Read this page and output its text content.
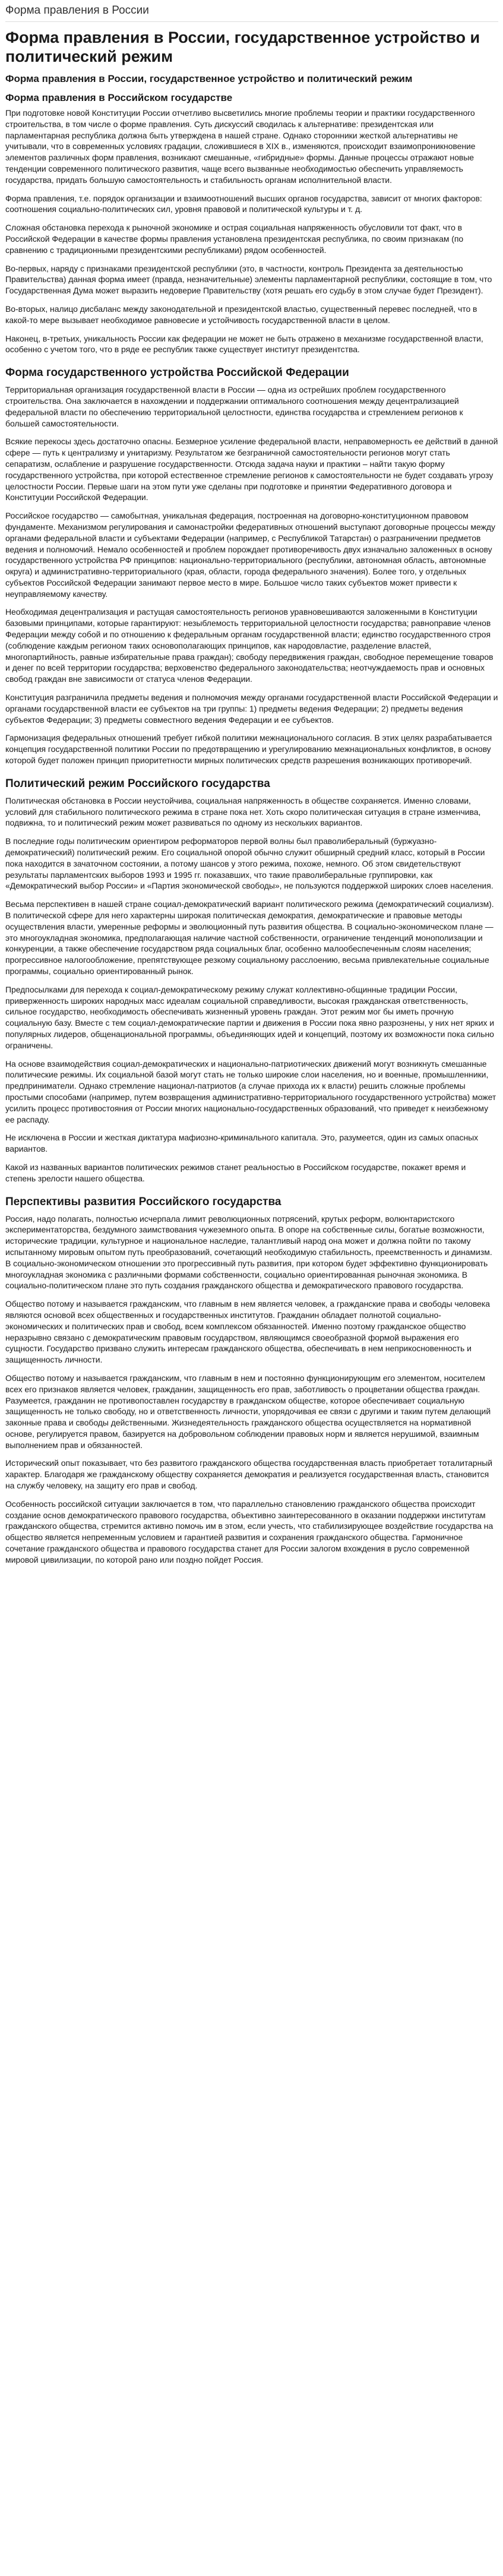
Форма правления в России
Форма правления в России, государственное устройство и политический режим
Форма правления в России, государственное устройство и политический режим
Форма правления в Российском государстве

При подготовке новой Конституции России отчетливо высветились многие проблемы теории и практики государственного строительства, в том числе о форме правления. Суть дискуссий сводилась к альтернативе: президентская или парламентарная республика должна быть утверждена в нашей стране. Однако сторонники жесткой альтернативы не учитывали, что в современных условиях градации, сложившиеся в XIX в., изменяются, происходит взаимопроникновение элементов различных форм правления, возникают смешанные, «гибридные» формы. Данные процессы отражают новые тенденции современного политического развития, чаще всего вызванные необходимостью обеспечить управляемость государства, придать большую самостоятельность и стабильность органам исполнительной власти.

Форма правления, т.е. порядок организации и взаимоотношений высших органов государства, зависит от многих факторов: соотношения социально-политических сил, уровня правовой и политической культуры и т. д.

Сложная обстановка перехода к рыночной экономике и острая социальная напряженность обусловили тот факт, что в Российской Федерации в качестве формы правления установлена президентская республика, по своим признакам (по сравнению с традиционными президентскими республиками) рядом особенностей.

Во-первых, наряду с признаками президентской республики (это, в частности, контроль Президента за деятельностью Правительства) данная форма имеет (правда, незначительные) элементы парламентарной республики, состоящие в том, что Государственная Дума может выразить недоверие Правительству (хотя решать его судьбу в этом случае будет Президент).

Во-вторых, налицо дисбаланс между законодательной и президентской властью, существенный перевес последней, что в какой-то мере вызывает необходимое равновесие и устойчивость государственной власти в целом.

Наконец, в-третьих, уникальность России как федерации не может не быть отражено в механизме государственной власти, особенно с учетом того, что в ряде ее республик также существует институт президентства.

Форма государственного устройства Российской Федерации

Территориальная организация государственной власти в России — одна из острейших проблем государственного строительства. Она заключается в нахождении и поддержании оптимального соотношения между децентрализацией федеральной власти по обеспечению территориальной целостности, единства государства и стремлением регионов к большей самостоятельности.

Всякие перекосы здесь достаточно опасны. Безмерное усиление федеральной власти, неправомерность ее действий в данной сфере — путь к централизму и унитаризму. Результатом же безграничной самостоятельности регионов могут стать сепаратизм, ослабление и разрушение государственности. Отсюда задача науки и практики – найти такую форму государственного устройства, при которой естественное стремление регионов к самостоятельности не будет создавать угрозу целостности России. Первые шаги на этом пути уже сделаны при подготовке и принятии Федеративного договора и Конституции Российской Федерации.

Российское государство — самобытная, уникальная федерация, построенная на договорно-конституционном правовом фундаменте. Механизмом регулирования и самонастройки федеративных отношений выступают договорные процессы между органами федеральной власти и субъектами Федерации (например, с Республикой Татарстан) о разграничении предметов ведения и полномочий. Немало особенностей и проблем порождает противоречивость двух изначально заложенных в основу государственного устройства РФ принципов: национально-территориального (республики, автономная область, автономные округа) и административно-территориального (края, области, города федерального значения). Более того, у отдельных субъектов Российской Федерации занимают первое место в мире. Большое число таких субъектов может привести к неуправляемому качеству.

Необходимая децентрализация и растущая самостоятельность регионов уравновешиваются заложенными в Конституции базовыми принципами, которые гарантируют: незыблемость территориальной целостности государства; равноправие членов Федерации между собой и по отношению к федеральным органам государственной власти; единство государственного строя (соблюдение каждым регионом таких основополагающих принципов, как народовластие, разделение властей, многопартийность, равные избирательные права граждан); свободу передвижения граждан, свободное перемещение товаров и денег по всей территории государства; верховенство федерального законодательства; неотчуждаемость прав и основных свобод граждан вне зависимости от статуса членов Федерации.

Конституция разграничила предметы ведения и полномочия между органами государственной власти Российской Федерации и органами государственной власти ее субъектов на три группы: 1) предметы ведения Федерации; 2) предметы ведения субъектов Федерации; 3) предметы совместного ведения Федерации и ее субъектов.

Гармонизация федеральных отношений требует гибкой политики межнационального согласия. В этих целях разрабатывается концепция государственной политики России по предотвращению и урегулированию межнациональных конфликтов, в основу которой будет положен принцип приоритетности мирных политических средств разрешения возникающих противоречий.

Политический режим Российского государства

Политическая обстановка в России неустойчива, социальная напряженность в обществе сохраняется. Именно словами, условий для стабильного политического режима в стране пока нет. Хоть скоро политическая ситуация в стране изменчива, подвижна, то и политический режим может развиваться по одному из нескольких вариантов.

В последние годы политическим ориентиром реформаторов первой волны был праволиберальный (буржуазно-демократический) политический режим. Его социальной опорой обычно служит обширный средний класс, который в России пока находится в зачаточном состоянии, а потому шансов у этого режима, похоже, немного. Об этом свидетельствуют результаты парламентских выборов 1993 и 1995 гг. показавших, что такие праволиберальные группировки, как «Демократический выбор России» и «Партия экономической свободы», не пользуются поддержкой широких слоев населения.

Весьма перспективен в нашей стране социал-демократический вариант политического режима (демократический социализм). В политической сфере для него характерны широкая политическая демократия, демократические и правовые методы осуществления власти, умеренные реформы и эволюционный путь развития общества. В социально-экономическом плане — это многоукладная экономика, предполагающая наличие частной собственности, ограничение тенденций монополизации и конкуренции, а также обеспечение государством ряда социальных благ, особенно малообеспеченным слоям населения; прогрессивное налогообложение, препятствующее резкому социальному расслоению, весьма привлекательные социальные программы, социально ориентированный рынок.

Предпосылками для перехода к социал-демократическому режиму служат коллективно-общинные традиции России, приверженность широких народных масс идеалам социальной справедливости, высокая гражданская ответственность, сильное государство, необходимость обеспечивать жизненный уровень граждан. Этот режим мог бы иметь прочную социальную базу. Вместе с тем социал-демократические партии и движения в России пока явно разрознены, у них нет ярких и популярных лидеров, общенациональной программы, объединяющих идей и концепций, поэтому их возможности пока сильно ограничены.

На основе взаимодействия социал-демократических и национально-патриотических движений могут возникнуть смешанные политические режимы. Их социальной базой могут стать не только широкие слои населения, но и военные, промышленники, предприниматели. Однако стремление национал-патриотов (а случае прихода их к власти) решить сложные проблемы простыми способами (например, путем возвращения административно-территориального государственного устройства) может усилить процесс противостояния от России многих национально-государственных образований, что приведет к неизбежному ее распаду.

Не исключена в России и жесткая диктатура мафиозно-криминального капитала. Это, разумеется, один из самых опасных вариантов.

Какой из названных вариантов политических режимов станет реальностью в Российском государстве, покажет время и степень зрелости нашего общества.

Перспективы развития Российского государства

Россия, надо полагать, полностью исчерпала лимит революционных потрясений, крутых реформ, волюнтаристского экспериментаторства, бездумного заимствования чужеземного опыта. В опоре на собственные силы, богатые возможности, исторические традиции, культурное и национальное наследие, талантливый народ она может и должна пойти по такому испытанному мировым опытом путь преобразований, сочетающий необходимую стабильность, преемственность и динамизм. В социально-экономическом отношении это прогрессивный путь развития, при котором будет эффективно функционировать многоукладная экономика с различными формами собственности, социально ориентированная рыночная экономика. В социально-политическом плане это путь создания гражданского общества и демократического правового государства.

Общество потому и называется гражданским, что главным в нем является человек, а гражданские права и свободы человека являются основой всех общественных и государственных институтов. Гражданин обладает полнотой социально-экономических и политических прав и свобод, всем комплексом обязанностей. Именно поэтому гражданское общество неразрывно связано с демократическим правовым государством, являющимся своеобразной формой выражения его сущности. Государство призвано служить интересам гражданского общества, обеспечивать в нем неприкосновенность и защищенность личности.

Общество потому и называется гражданским, что главным в нем и постоянно функционирующим его элементом, носителем всех его признаков является человек, гражданин, защищенность его прав, заботливость о процветании общества граждан. Разумеется, гражданин не противопоставлен государству в гражданском обществе, которое обеспечивает социальную защищенность не только свободу, но и ответственность личности, упорядочивая ее связи с другими и таким путем делающий законные права и свободы действенными. Жизнедеятельность гражданского общества осуществляется на нормативной основе, регулируется правом, базируется на добровольном соблюдении правовых норм и является нерушимой, взаимным выполнением прав и обязанностей.

Исторический опыт показывает, что без развитого гражданского общества государственная власть приобретает тоталитарный характер. Благодаря же гражданскому обществу сохраняется демократия и реализуется государственная власть, становится на службу человеку, на защиту его прав и свобод.

Особенность российской ситуации заключается в том, что параллельно становлению гражданского общества происходит создание основ демократического правового государства, объективно заинтересованного в оказании поддержки институтам гражданского общества, стремится активно помочь им в этом, если учесть, что стабилизирующее воздействие государства на общество является непременным условием и гарантией развития и сохранения гражданского общества. Гармоничное сочетание гражданского общества и правового государства станет для России залогом вхождения в русло современной мировой цивилизации, по которой рано или поздно пойдет Россия.
